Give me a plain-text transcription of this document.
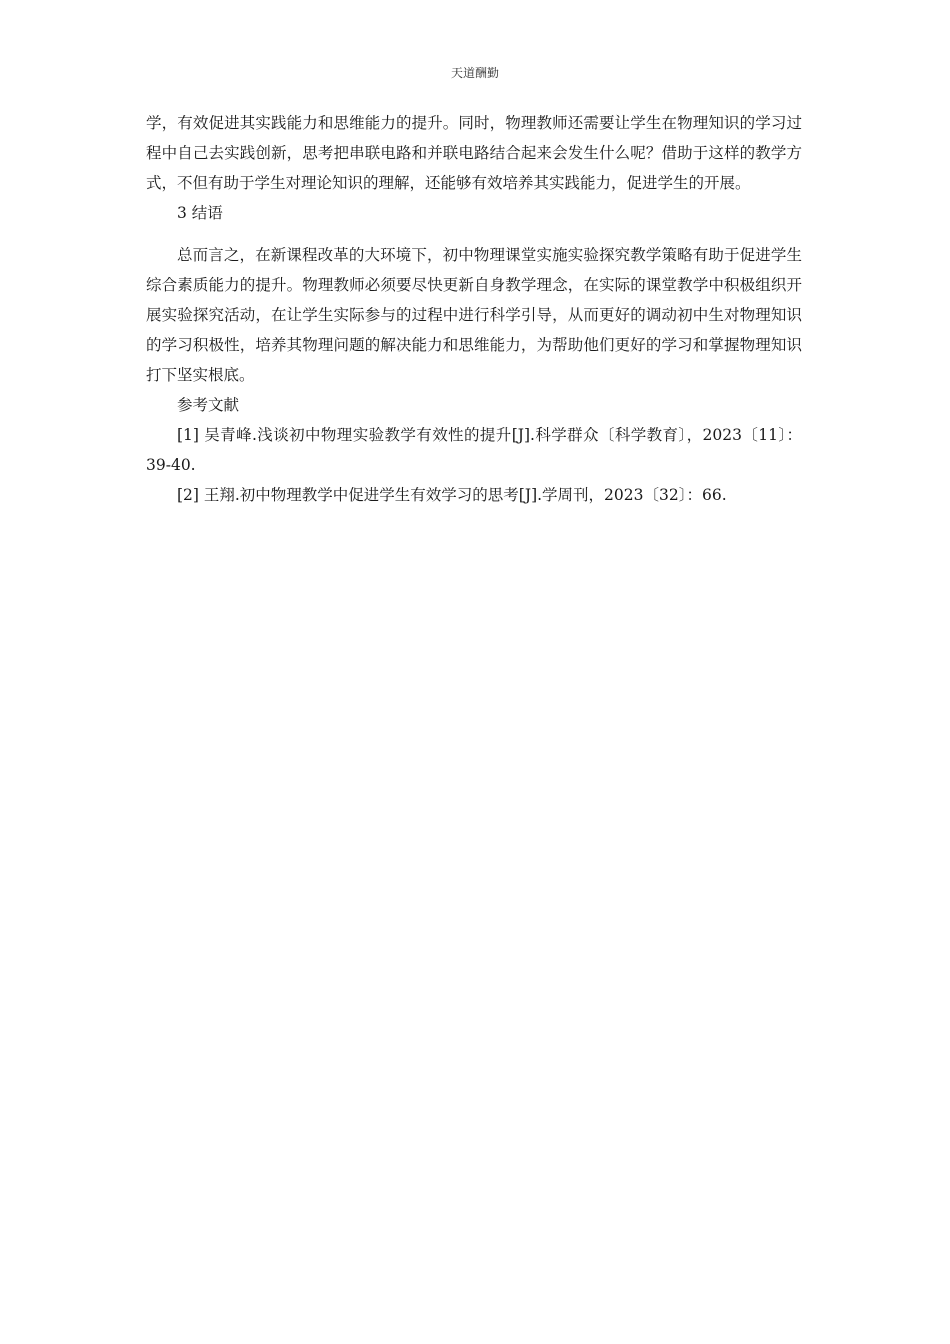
天道酬勤

学，有效促进其实践能力和思维能力的提升。同时，物理教师还需要让学生在物理知识的学习过程中自己去实践创新，思考把串联电路和并联电路结合起来会发生什么呢？借助于这样的教学方式，不但有助于学生对理论知识的理解，还能够有效培养其实践能力，促进学生的开展。

3 结语

总而言之，在新课程改革的大环境下，初中物理课堂实施实验探究教学策略有助于促进学生综合素质能力的提升。物理教师必须要尽快更新自身教学理念，在实际的课堂教学中积极组织开展实验探究活动，在让学生实际参与的过程中进行科学引导，从而更好的调动初中生对物理知识的学习积极性，培养其物理问题的解决能力和思维能力，为帮助他们更好的学习和掌握物理知识打下坚实根底。

参考文献

[1] 吴青峰.浅谈初中物理实验教学有效性的提升[J].科学群众〔科学教育〕，2023〔11〕：39-40.

[2] 王翔.初中物理教学中促进学生有效学习的思考[J].学周刊，2023〔32〕：66.
